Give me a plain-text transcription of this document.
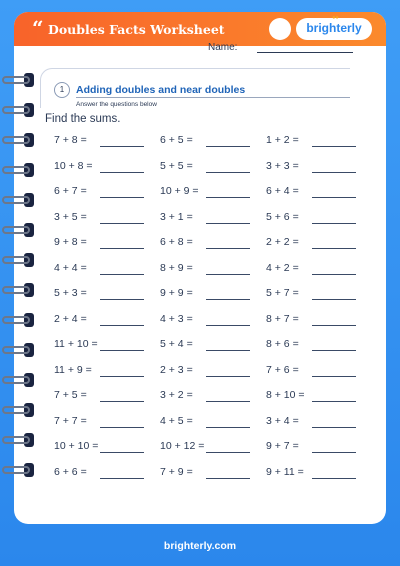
“ Doubles Facts Worksheet
● ●
brighterly
Name:
1	Adding doubles and near doubles
Answer the questions below
Find the sums.
7 + 8 =
10 + 8 =
6 + 7 =
3 + 5 =
9 + 8 =
4 + 4 =
5 + 3 =
2 + 4 =
11 + 10 =
11 + 9 =
7 + 5 =
7 + 7 =
10 + 10 =
6 + 6 =
6 + 5 =
5 + 5 =
10 + 9 =
3 + 1 =
6 + 8 =
8 + 9 =
9 + 9 =
4 + 3 =
5 + 4 =
2 + 3 =
3 + 2 =
4 + 5 =
10 + 12 =
7 + 9 =
1 + 2 =
3 + 3 =
6 + 4 =
5 + 6 =
2 + 2 =
4 + 2 =
5 + 7 =
8 + 7 =
8 + 6 =
7 + 6 =
8 + 10 =
3 + 4 =
9 + 7 =
9 + 11 =
brighterly.com
